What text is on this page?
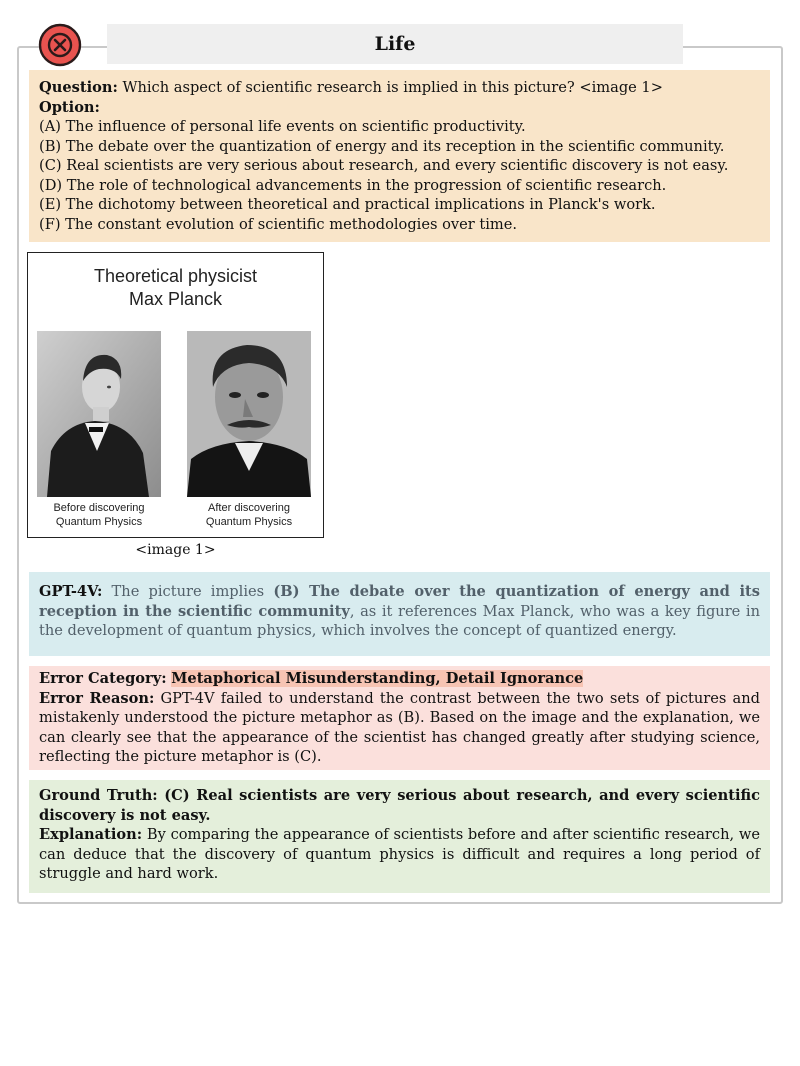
Life
Question: Which aspect of scientific research is implied in this picture? <image 1>
Option:
(A) The influence of personal life events on scientific productivity.
(B) The debate over the quantization of energy and its reception in the scientific community.
(C) Real scientists are very serious about research, and every scientific discovery is not easy.
(D) The role of technological advancements in the progression of scientific research.
(E) The dichotomy between theoretical and practical implications in Planck's work.
(F) The constant evolution of scientific methodologies over time.
Theoretical physicist
Max Planck
Before discovering
Quantum Physics
After discovering
Quantum Physics
<image 1>
GPT-4V: The picture implies (B) The debate over the quantization of energy and its reception in the scientific community, as it references Max Planck, who was a key figure in the development of quantum physics, which involves the concept of quantized energy.
Error Category: Metaphorical Misunderstanding, Detail Ignorance
Error Reason: GPT-4V failed to understand the contrast between the two sets of pictures and mistakenly understood the picture metaphor as (B). Based on the image and the explanation, we can clearly see that the appearance of the scientist has changed greatly after studying science, reflecting the picture metaphor is (C).
Ground Truth: (C) Real scientists are very serious about research, and every scientific discovery is not easy.
Explanation: By comparing the appearance of scientists before and after scientific research, we can deduce that the discovery of quantum physics is difficult and requires a long period of struggle and hard work.
